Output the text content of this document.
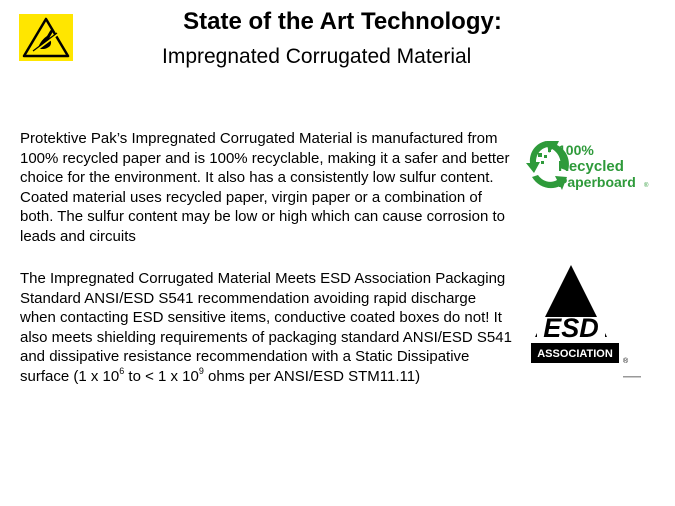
State of the Art Technology:
Impregnated Corrugated Material

Protektive Pak’s Impregnated Corrugated Material is manufactured from 100% recycled paper and is 100% recyclable, making it a safer and better choice for the environment. It also has a consistently low sulfur content. Coated material uses recycled paper, virgin paper or a combination of both. The sulfur content may be low or high which can cause corrosion to leads and circuits

The Impregnated Corrugated Material Meets ESD Association Packaging Standard ANSI/ESD S541 recommendation avoiding rapid discharge when contacting ESD sensitive items, conductive coated boxes do not! It also meets shielding requirements of packaging standard ANSI/ESD S541 and dissipative resistance recommendation with a Static Dissipative surface (1 x $10^6$ to < 1 x $10^9$ ohms per ANSI/ESD STM11.11)

100%
Recycled
Paperboard ®
ESD
ASSOCIATION
®
